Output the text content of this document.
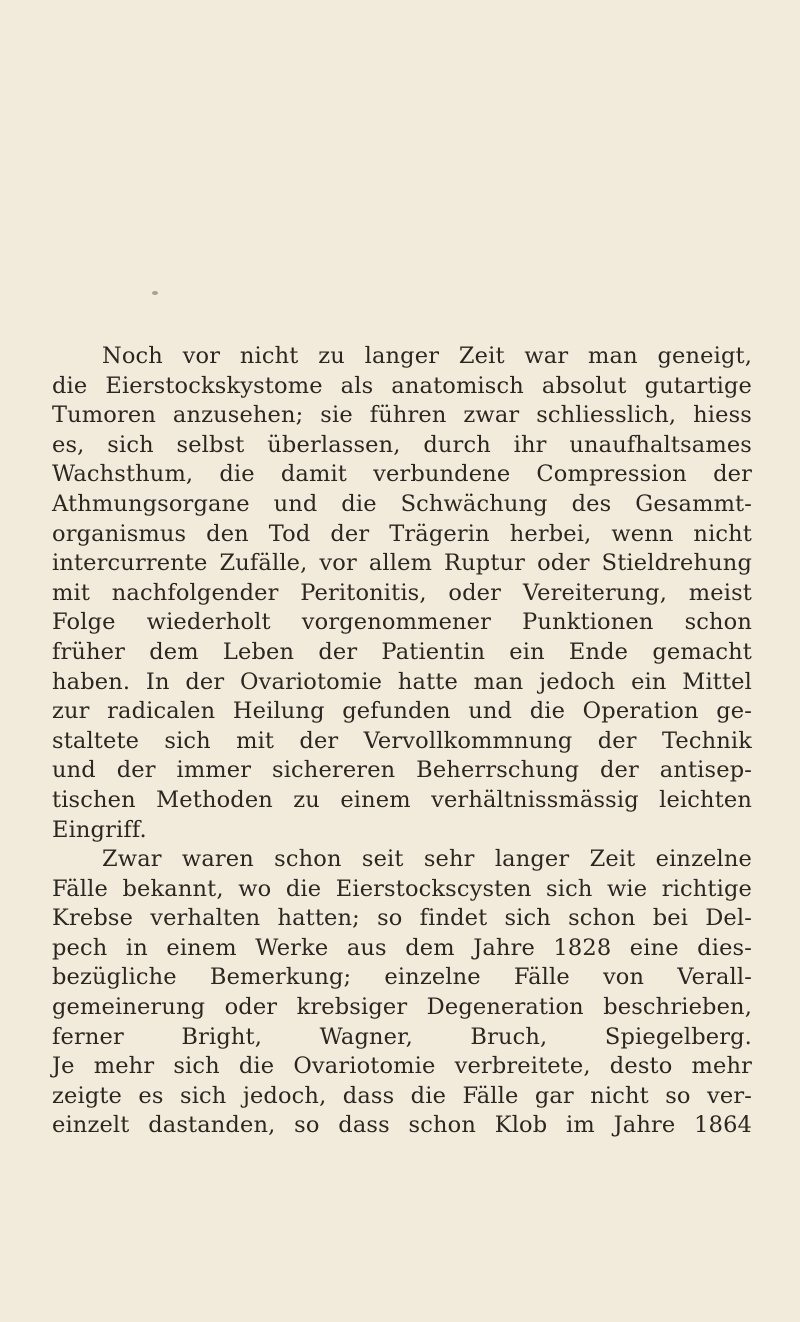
Noch vor nicht zu langer Zeit war man geneigt,
die Eierstockskystome als anatomisch absolut gutartige
Tumoren anzusehen; sie führen zwar schliesslich, hiess
es, sich selbst überlassen, durch ihr unaufhaltsames
Wachsthum, die damit verbundene Compression der
Athmungsorgane und die Schwächung des Gesammt-
organismus den Tod der Trägerin herbei, wenn nicht
intercurrente Zufälle, vor allem Ruptur oder Stieldrehung
mit nachfolgender Peritonitis, oder Vereiterung, meist
Folge wiederholt vorgenommener Punktionen schon
früher dem Leben der Patientin ein Ende gemacht
haben. In der Ovariotomie hatte man jedoch ein Mittel
zur radicalen Heilung gefunden und die Operation ge-
staltete sich mit der Vervollkommnung der Technik
und der immer sichereren Beherrschung der antisep-
tischen Methoden zu einem verhältnissmässig leichten
Eingriff.
Zwar waren schon seit sehr langer Zeit einzelne
Fälle bekannt, wo die Eierstockscysten sich wie richtige
Krebse verhalten hatten; so findet sich schon bei Del-
pech in einem Werke aus dem Jahre 1828 eine dies-
bezügliche Bemerkung; einzelne Fälle von Verall-
gemeinerung oder krebsiger Degeneration beschrieben,
ferner Bright, Wagner, Bruch, Spiegelberg.
Je mehr sich die Ovariotomie verbreitete, desto mehr
zeigte es sich jedoch, dass die Fälle gar nicht so ver-
einzelt dastanden, so dass schon Klob im Jahre 1864
